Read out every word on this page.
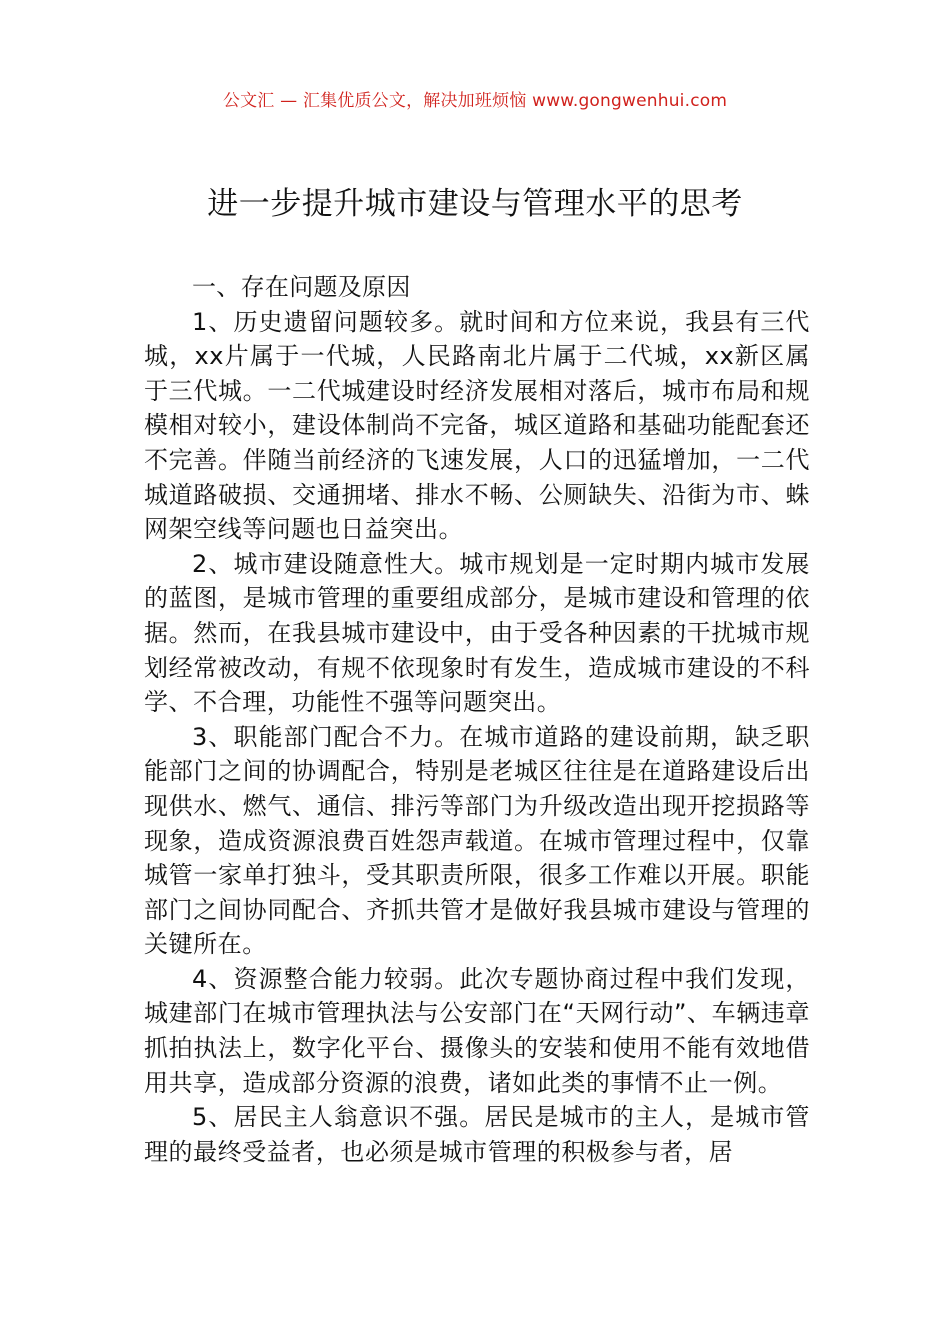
公文汇 — 汇集优质公文，解决加班烦恼 www.gongwenhui.com
进一步提升城市建设与管理水平的思考

一、存在问题及原因

1、历史遗留问题较多。就时间和方位来说，我县有三代城，xx片属于一代城，人民路南北片属于二代城，xx新区属于三代城。一二代城建设时经济发展相对落后，城市布局和规模相对较小，建设体制尚不完备，城区道路和基础功能配套还不完善。伴随当前经济的飞速发展，人口的迅猛增加，一二代城道路破损、交通拥堵、排水不畅、公厕缺失、沿街为市、蛛网架空线等问题也日益突出。

2、城市建设随意性大。城市规划是一定时期内城市发展的蓝图，是城市管理的重要组成部分，是城市建设和管理的依据。然而，在我县城市建设中，由于受各种因素的干扰城市规划经常被改动，有规不依现象时有发生，造成城市建设的不科学、不合理，功能性不强等问题突出。

3、职能部门配合不力。在城市道路的建设前期，缺乏职能部门之间的协调配合，特别是老城区往往是在道路建设后出现供水、燃气、通信、排污等部门为升级改造出现开挖损路等现象，造成资源浪费百姓怨声载道。在城市管理过程中，仅靠城管一家单打独斗，受其职责所限，很多工作难以开展。职能部门之间协同配合、齐抓共管才是做好我县城市建设与管理的关键所在。

4、资源整合能力较弱。此次专题协商过程中我们发现，城建部门在城市管理执法与公安部门在“天网行动”、车辆违章抓拍执法上，数字化平台、摄像头的安装和使用不能有效地借用共享，造成部分资源的浪费，诸如此类的事情不止一例。

5、居民主人翁意识不强。居民是城市的主人，是城市管理的最终受益者，也必须是城市管理的积极参与者，居
